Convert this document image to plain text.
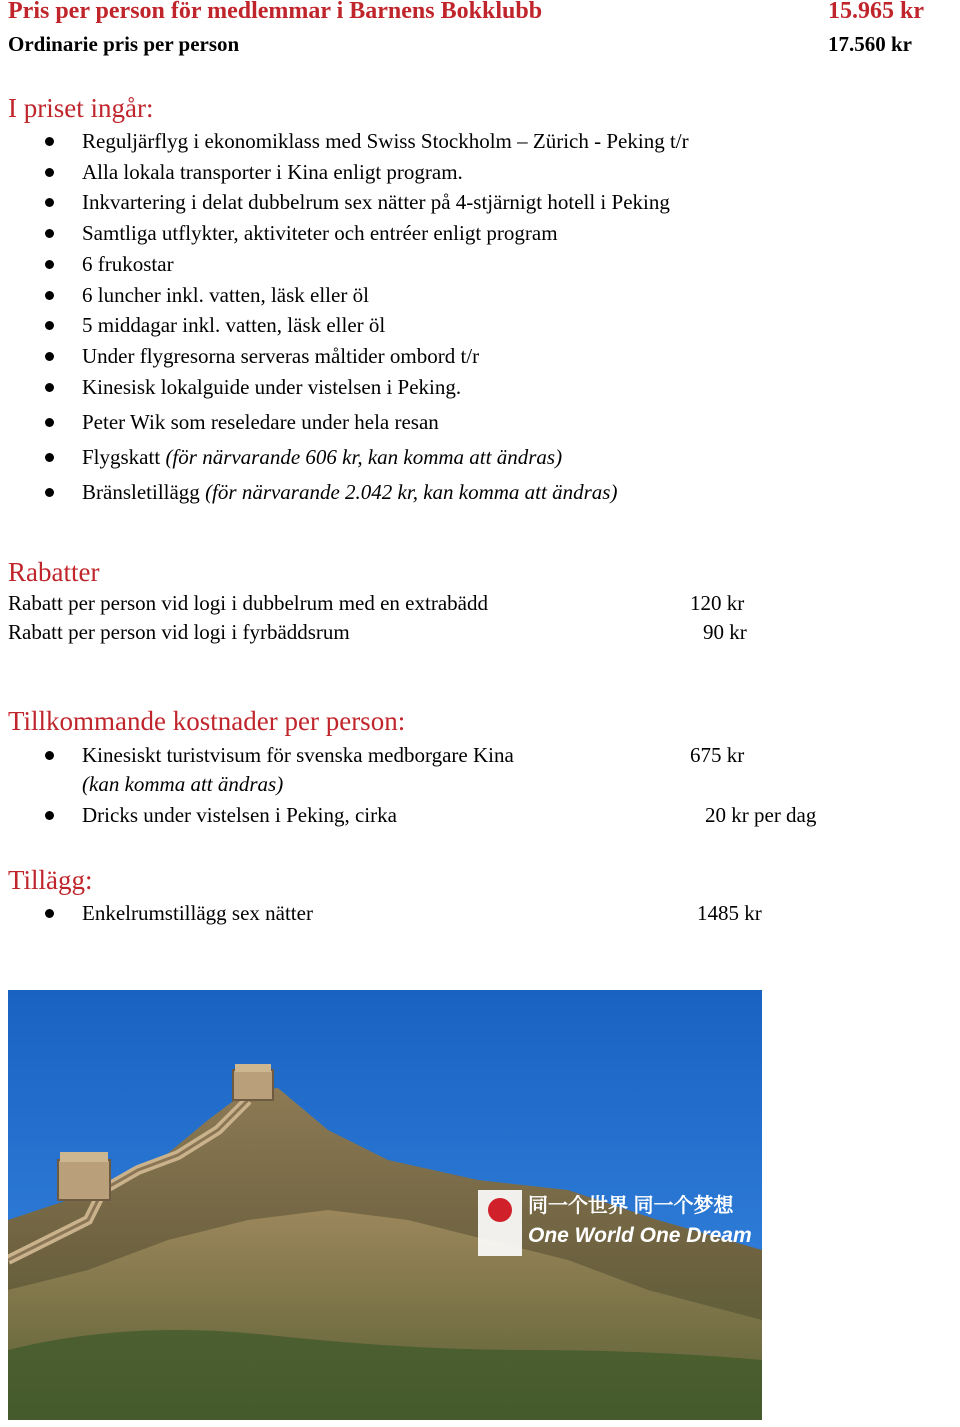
Pris per person för medlemmar i Barnens Bokklubb	15.965 kr
Ordinarie pris per person	17.560 kr
I priset ingår:
Reguljärflyg i ekonomiklass med Swiss Stockholm – Zürich - Peking t/r
Alla lokala transporter i Kina enligt program.
Inkvartering i delat dubbelrum sex nätter på 4-stjärnigt hotell i Peking
Samtliga utflykter, aktiviteter och entréer enligt program
6 frukostar
6 luncher inkl. vatten, läsk eller öl
5 middagar inkl. vatten, läsk eller öl
Under flygresorna serveras måltider ombord t/r
Kinesisk lokalguide under vistelsen i Peking.
Peter Wik som reseledare under hela resan
Flygskatt (för närvarande 606 kr, kan komma att ändras)
Bränsletillägg (för närvarande 2.042 kr, kan komma att ändras)
Rabatter
Rabatt per person vid logi i dubbelrum med en extrabädd	120 kr
Rabatt per person vid logi i fyrbäddsrum	90 kr
Tillkommande kostnader per person:
Kinesiskt turistvisum för svenska medborgare Kina	675 kr
(kan komma att ändras)
Dricks under vistelsen i Peking, cirka	20 kr per dag
Tillägg:
Enkelrumstillägg sex nätter	1485 kr
同一个世界 同一个梦想
One World One Dream
